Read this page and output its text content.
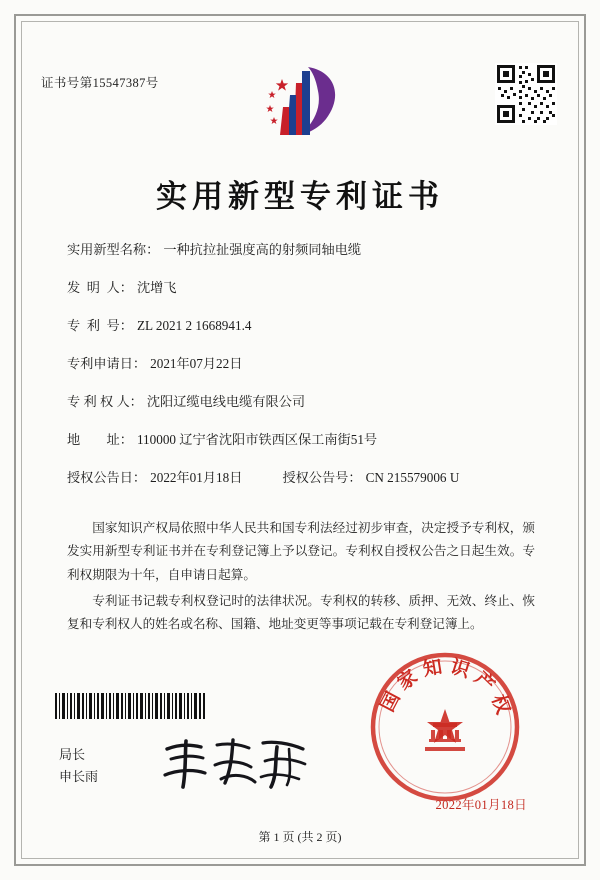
证书号第15547387号
实用新型专利证书
实用新型名称： 一种抗拉扯强度高的射频同轴电缆
发  明  人： 沈增飞
专  利  号： ZL 2021 2 1668941.4
专利申请日： 2021年07月22日
专 利 权 人： 沈阳辽缆电线电缆有限公司
地        址： 110000 辽宁省沈阳市铁西区保工南街51号
授权公告日： 2022年01月18日	授权公告号： CN 215579006 U

国家知识产权局依照中华人民共和国专利法经过初步审查，决定授予专利权，颁发实用新型专利证书并在专利登记簿上予以登记。专利权自授权公告之日起生效。专利权期限为十年，自申请日起算。

专利证书记载专利权登记时的法律状况。专利权的转移、质押、无效、终止、恢复和专利权人的姓名或名称、国籍、地址变更等事项记载在专利登记簿上。

局长
申长雨
国家知识产权
2022年01月18日
第 1 页 (共 2 页)
